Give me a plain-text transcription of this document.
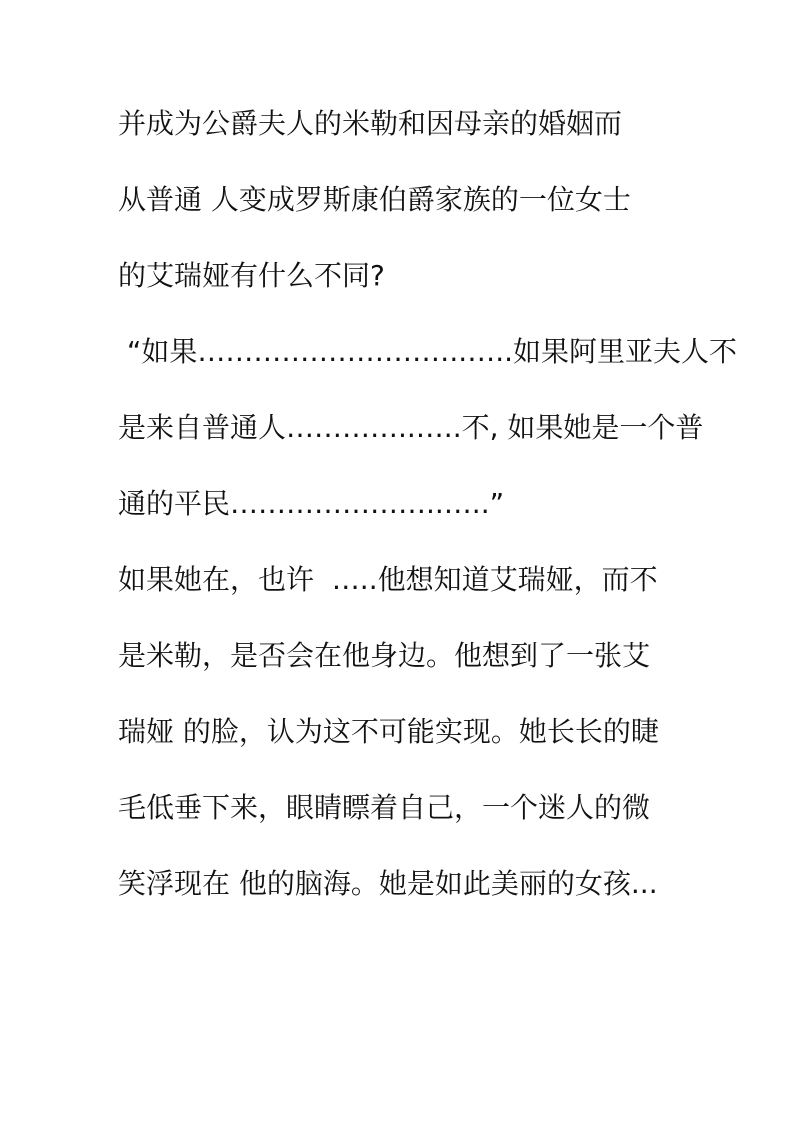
并成为公爵夫人的米勒和因母亲的婚姻而
从普通 人变成罗斯康伯爵家族的一位女士
的艾瑞娅有什么不同?
“如果………………………..…..如果阿里亚夫人不
是来自普通人…………..…..不, 如果她是一个普
通的平民…………………..…..”
如果她在，也许  …..他想知道艾瑞娅，而不
是米勒，是否会在他身边。他想到了一张艾
瑞娅 的脸，认为这不可能实现。她长长的睫
毛低垂下来，眼睛瞟着自己，一个迷人的微
笑浮现在 他的脑海。她是如此美丽的女孩...
